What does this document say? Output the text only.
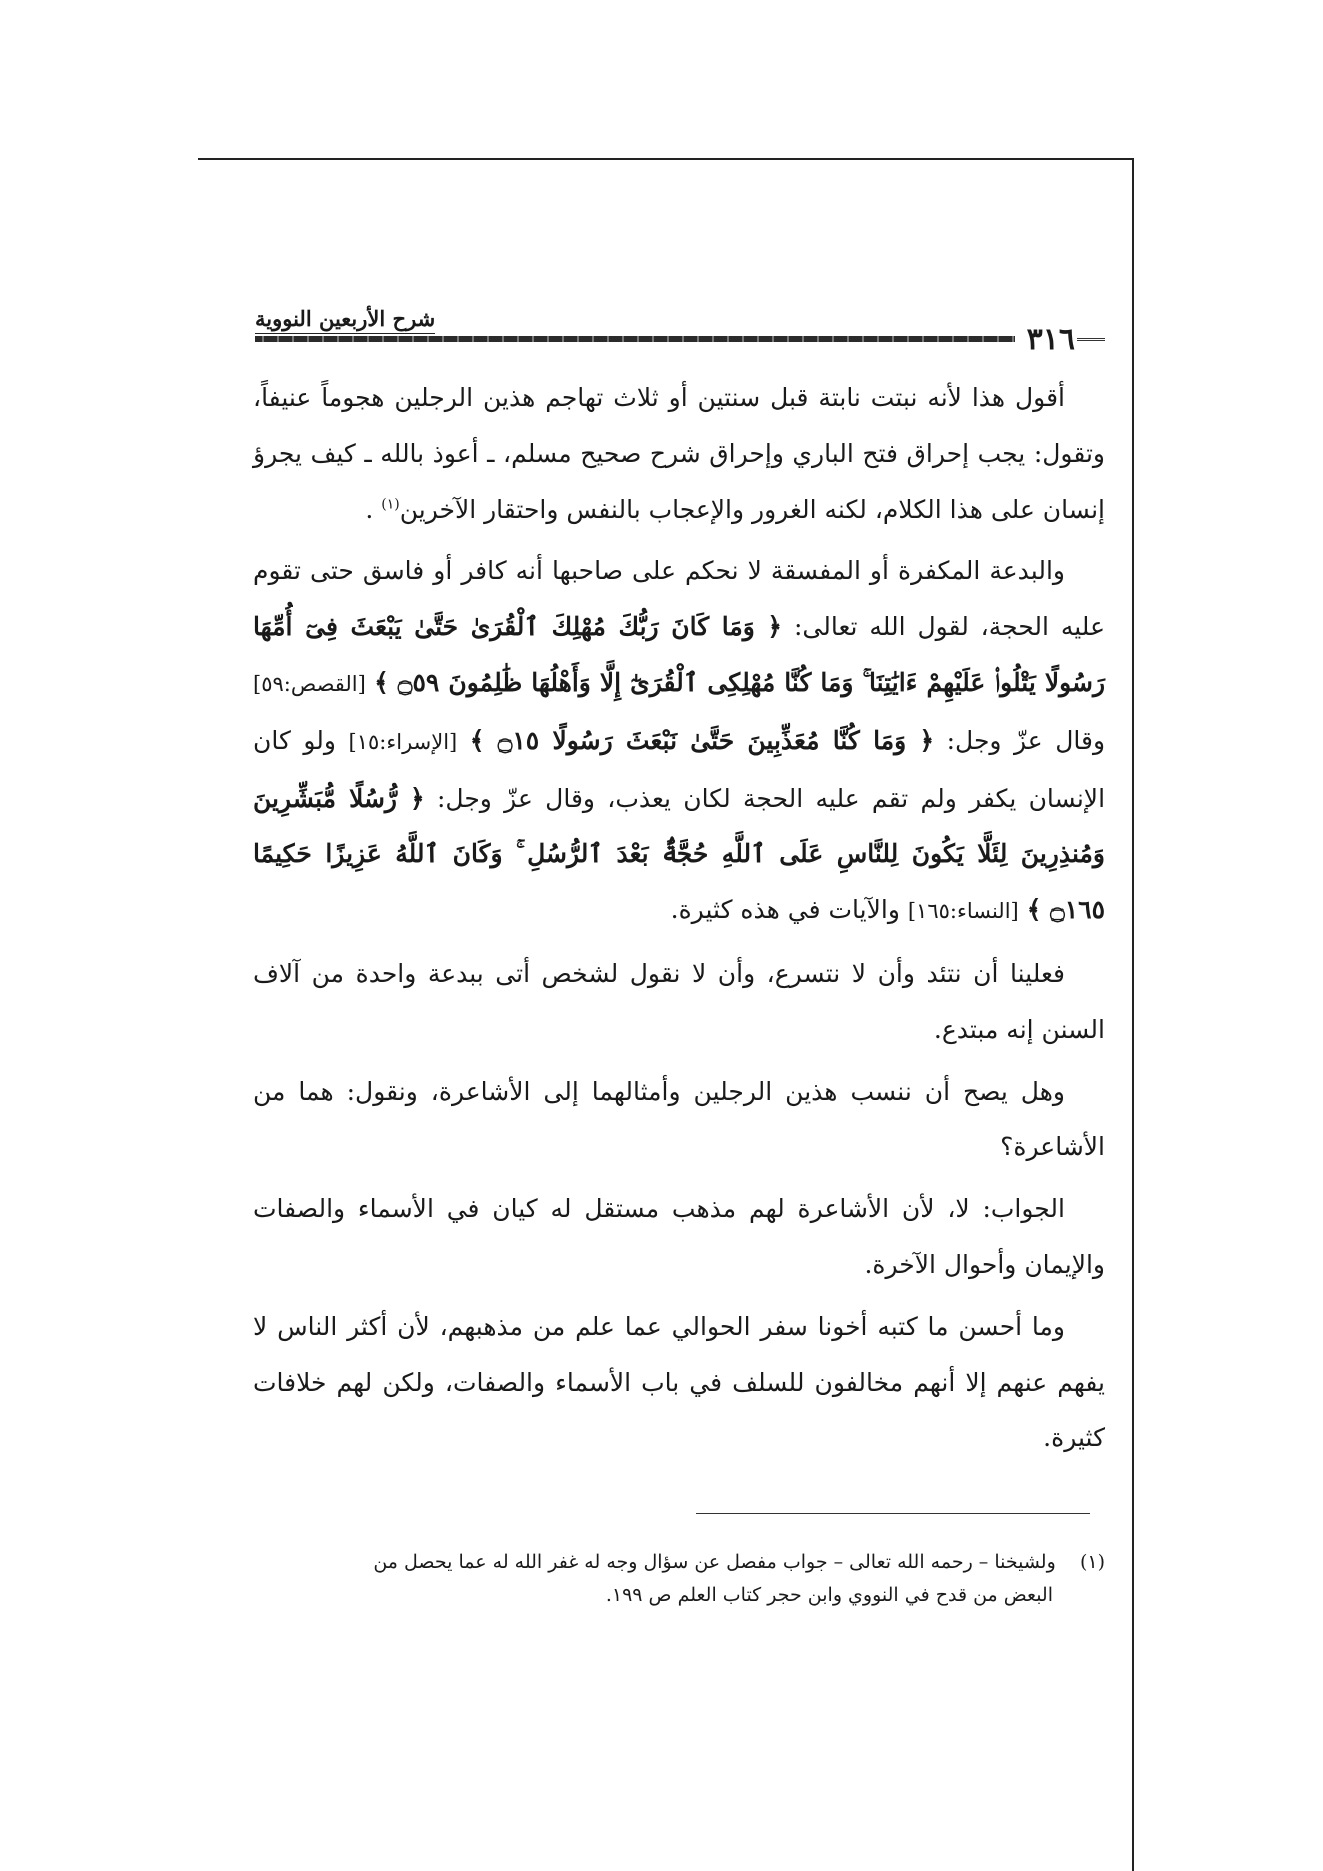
شرح الأربعين النووية
٣١٦

أقول هذا لأنه نبتت نابتة قبل سنتين أو ثلاث تهاجم هذين الرجلين هجوماً عنيفاً، وتقول: يجب إحراق فتح الباري وإحراق شرح صحيح مسلم، ـ أعوذ بالله ـ كيف يجرؤ إنسان على هذا الكلام، لكنه الغرور والإعجاب بالنفس واحتقار الآخرين$^{(١)}$ .

والبدعة المكفرة أو المفسقة لا نحكم على صاحبها أنه كافر أو فاسق حتى تقوم عليه الحجة، لقول الله تعالى: ﴿ وَمَا كَانَ رَبُّكَ مُهْلِكَ ٱلْقُرَىٰ حَتَّىٰ يَبْعَثَ فِىٓ أُمِّهَا رَسُولًا يَتْلُوا۟ عَلَيْهِمْ ءَايَٰتِنَا ۚ وَمَا كُنَّا مُهْلِكِى ٱلْقُرَىٰٓ إِلَّا وَأَهْلُهَا ظَٰلِمُونَ ۝٥٩ ﴾ [القصص:٥٩] وقال عزّ وجل: ﴿ وَمَا كُنَّا مُعَذِّبِينَ حَتَّىٰ نَبْعَثَ رَسُولًا ۝١٥ ﴾ [الإسراء:١٥] ولو كان الإنسان يكفر ولم تقم عليه الحجة لكان يعذب، وقال عزّ وجل: ﴿ رُّسُلًا مُّبَشِّرِينَ وَمُنذِرِينَ لِئَلَّا يَكُونَ لِلنَّاسِ عَلَى ٱللَّهِ حُجَّةٌۢ بَعْدَ ٱلرُّسُلِ ۚ وَكَانَ ٱللَّهُ عَزِيزًا حَكِيمًا ۝١٦٥ ﴾ [النساء:١٦٥] والآيات في هذه كثيرة.

فعلينا أن نتئد وأن لا نتسرع، وأن لا نقول لشخص أتى ببدعة واحدة من آلاف السنن إنه مبتدع.

وهل يصح أن ننسب هذين الرجلين وأمثالهما إلى الأشاعرة، ونقول: هما من الأشاعرة؟

الجواب: لا، لأن الأشاعرة لهم مذهب مستقل له كيان في الأسماء والصفات والإيمان وأحوال الآخرة.

وما أحسن ما كتبه أخونا سفر الحوالي عما علم من مذهبهم، لأن أكثر الناس لا يفهم عنهم إلا أنهم مخالفون للسلف في باب الأسماء والصفات، ولكن لهم خلافات كثيرة.

(١)    ولشيخنا – رحمه الله تعالى – جواب مفصل عن سؤال وجه له غفر الله له عما يحصل من

البعض من قدح في النووي وابن حجر كتاب العلم ص ١٩٩.
